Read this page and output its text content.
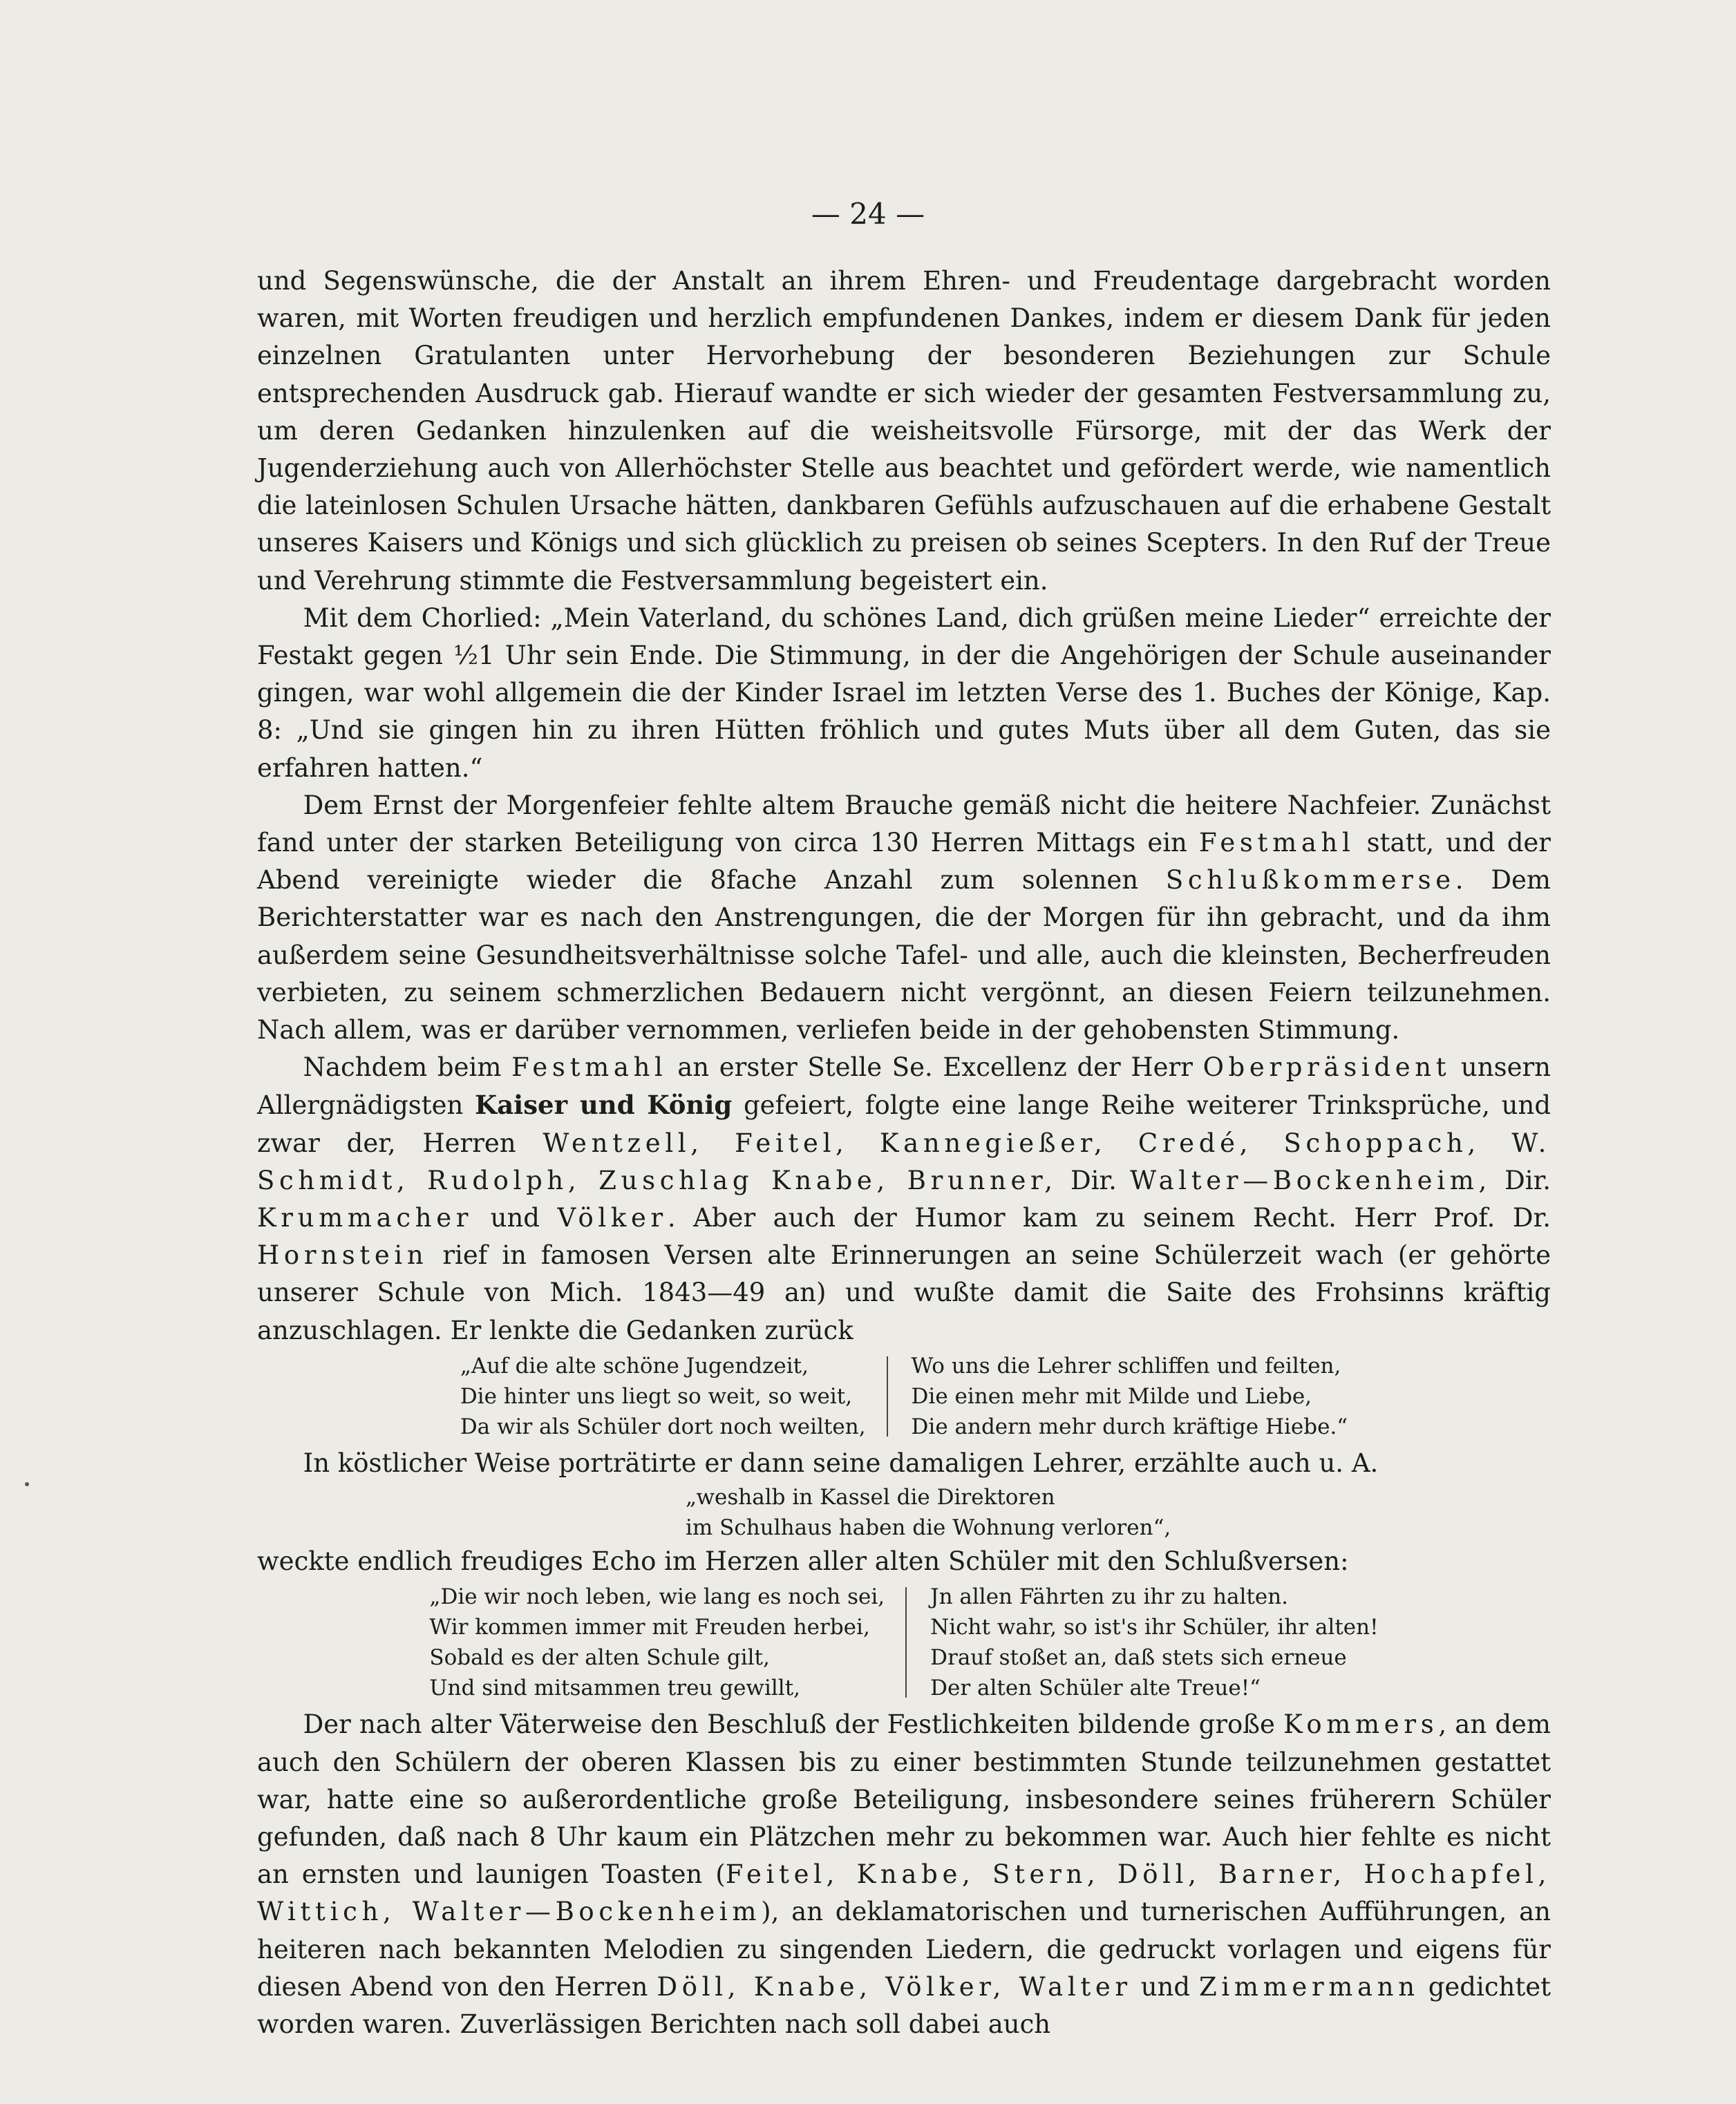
— 24 —

und Segenswünsche, die der Anstalt an ihrem Ehren- und Freudentage dargebracht worden waren, mit Worten freudigen und herzlich empfundenen Dankes, indem er diesem Dank für jeden einzelnen Gratulanten unter Hervorhebung der besonderen Beziehungen zur Schule entsprechenden Ausdruck gab. Hierauf wandte er sich wieder der gesamten Festversammlung zu, um deren Gedanken hinzulenken auf die weisheitsvolle Fürsorge, mit der das Werk der Jugenderziehung auch von Allerhöchster Stelle aus beachtet und gefördert werde, wie namentlich die lateinlosen Schulen Ursache hätten, dankbaren Gefühls aufzuschauen auf die erhabene Gestalt unseres Kaisers und Königs und sich glücklich zu preisen ob seines Scepters. In den Ruf der Treue und Verehrung stimmte die Festversammlung begeistert ein.

Mit dem Chorlied: „Mein Vaterland, du schönes Land, dich grüßen meine Lieder“ erreichte der Festakt gegen ½1 Uhr sein Ende. Die Stimmung, in der die Angehörigen der Schule auseinander gingen, war wohl allgemein die der Kinder Israel im letzten Verse des 1. Buches der Könige, Kap. 8: „Und sie gingen hin zu ihren Hütten fröhlich und gutes Muts über all dem Guten, das sie erfahren hatten.“

Dem Ernst der Morgenfeier fehlte altem Brauche gemäß nicht die heitere Nachfeier. Zunächst fand unter der starken Beteiligung von circa 130 Herren Mittags ein Festmahl statt, und der Abend vereinigte wieder die 8fache Anzahl zum solennen Schlußkommerse. Dem Berichterstatter war es nach den Anstrengungen, die der Morgen für ihn gebracht, und da ihm außerdem seine Gesundheitsverhältnisse solche Tafel- und alle, auch die kleinsten, Becherfreuden verbieten, zu seinem schmerzlichen Bedauern nicht vergönnt, an diesen Feiern teilzunehmen. Nach allem, was er darüber vernommen, verliefen beide in der gehobensten Stimmung.

Nachdem beim Festmahl an erster Stelle Se. Excellenz der Herr Oberpräsident unsern Allergnädigsten Kaiser und König gefeiert, folgte eine lange Reihe weiterer Trinksprüche, und zwar der, Herren Wentzell, Feitel, Kannegießer, Credé, Schoppach, W. Schmidt, Rudolph, Zuschlag Knabe, Brunner, Dir. Walter—Bockenheim, Dir. Krummacher und Völker. Aber auch der Humor kam zu seinem Recht. Herr Prof. Dr. Hornstein rief in famosen Versen alte Erinnerungen an seine Schülerzeit wach (er gehörte unserer Schule von Mich. 1843—49 an) und wußte damit die Saite des Frohsinns kräftig anzuschlagen. Er lenkte die Gedanken zurück

„Auf die alte schöne Jugendzeit,
Die hinter uns liegt so weit, so weit,
Da wir als Schüler dort noch weilten,
Wo uns die Lehrer schliffen und feilten,
Die einen mehr mit Milde und Liebe,
Die andern mehr durch kräftige Hiebe.“

In köstlicher Weise porträtirte er dann seine damaligen Lehrer, erzählte auch u. A.

„weshalb in Kassel die Direktoren
im Schulhaus haben die Wohnung verloren“,

weckte endlich freudiges Echo im Herzen aller alten Schüler mit den Schlußversen:

„Die wir noch leben, wie lang es noch sei,
Wir kommen immer mit Freuden herbei,
Sobald es der alten Schule gilt,
Und sind mitsammen treu gewillt,
Jn allen Fährten zu ihr zu halten.
Nicht wahr, so ist's ihr Schüler, ihr alten!
Drauf stoßet an, daß stets sich erneue
Der alten Schüler alte Treue!“

Der nach alter Väterweise den Beschluß der Festlichkeiten bildende große Kommers, an dem auch den Schülern der oberen Klassen bis zu einer bestimmten Stunde teilzunehmen gestattet war, hatte eine so außerordentliche große Beteiligung, insbesondere seines früherern Schüler gefunden, daß nach 8 Uhr kaum ein Plätzchen mehr zu bekommen war. Auch hier fehlte es nicht an ernsten und launigen Toasten (Feitel, Knabe, Stern, Döll, Barner, Hochapfel, Wittich, Walter—Bockenheim), an deklamatorischen und turnerischen Aufführungen, an heiteren nach bekannten Melodien zu singenden Liedern, die gedruckt vorlagen und eigens für diesen Abend von den Herren Döll, Knabe, Völker, Walter und Zimmermann gedichtet worden waren. Zuverlässigen Berichten nach soll dabei auch
